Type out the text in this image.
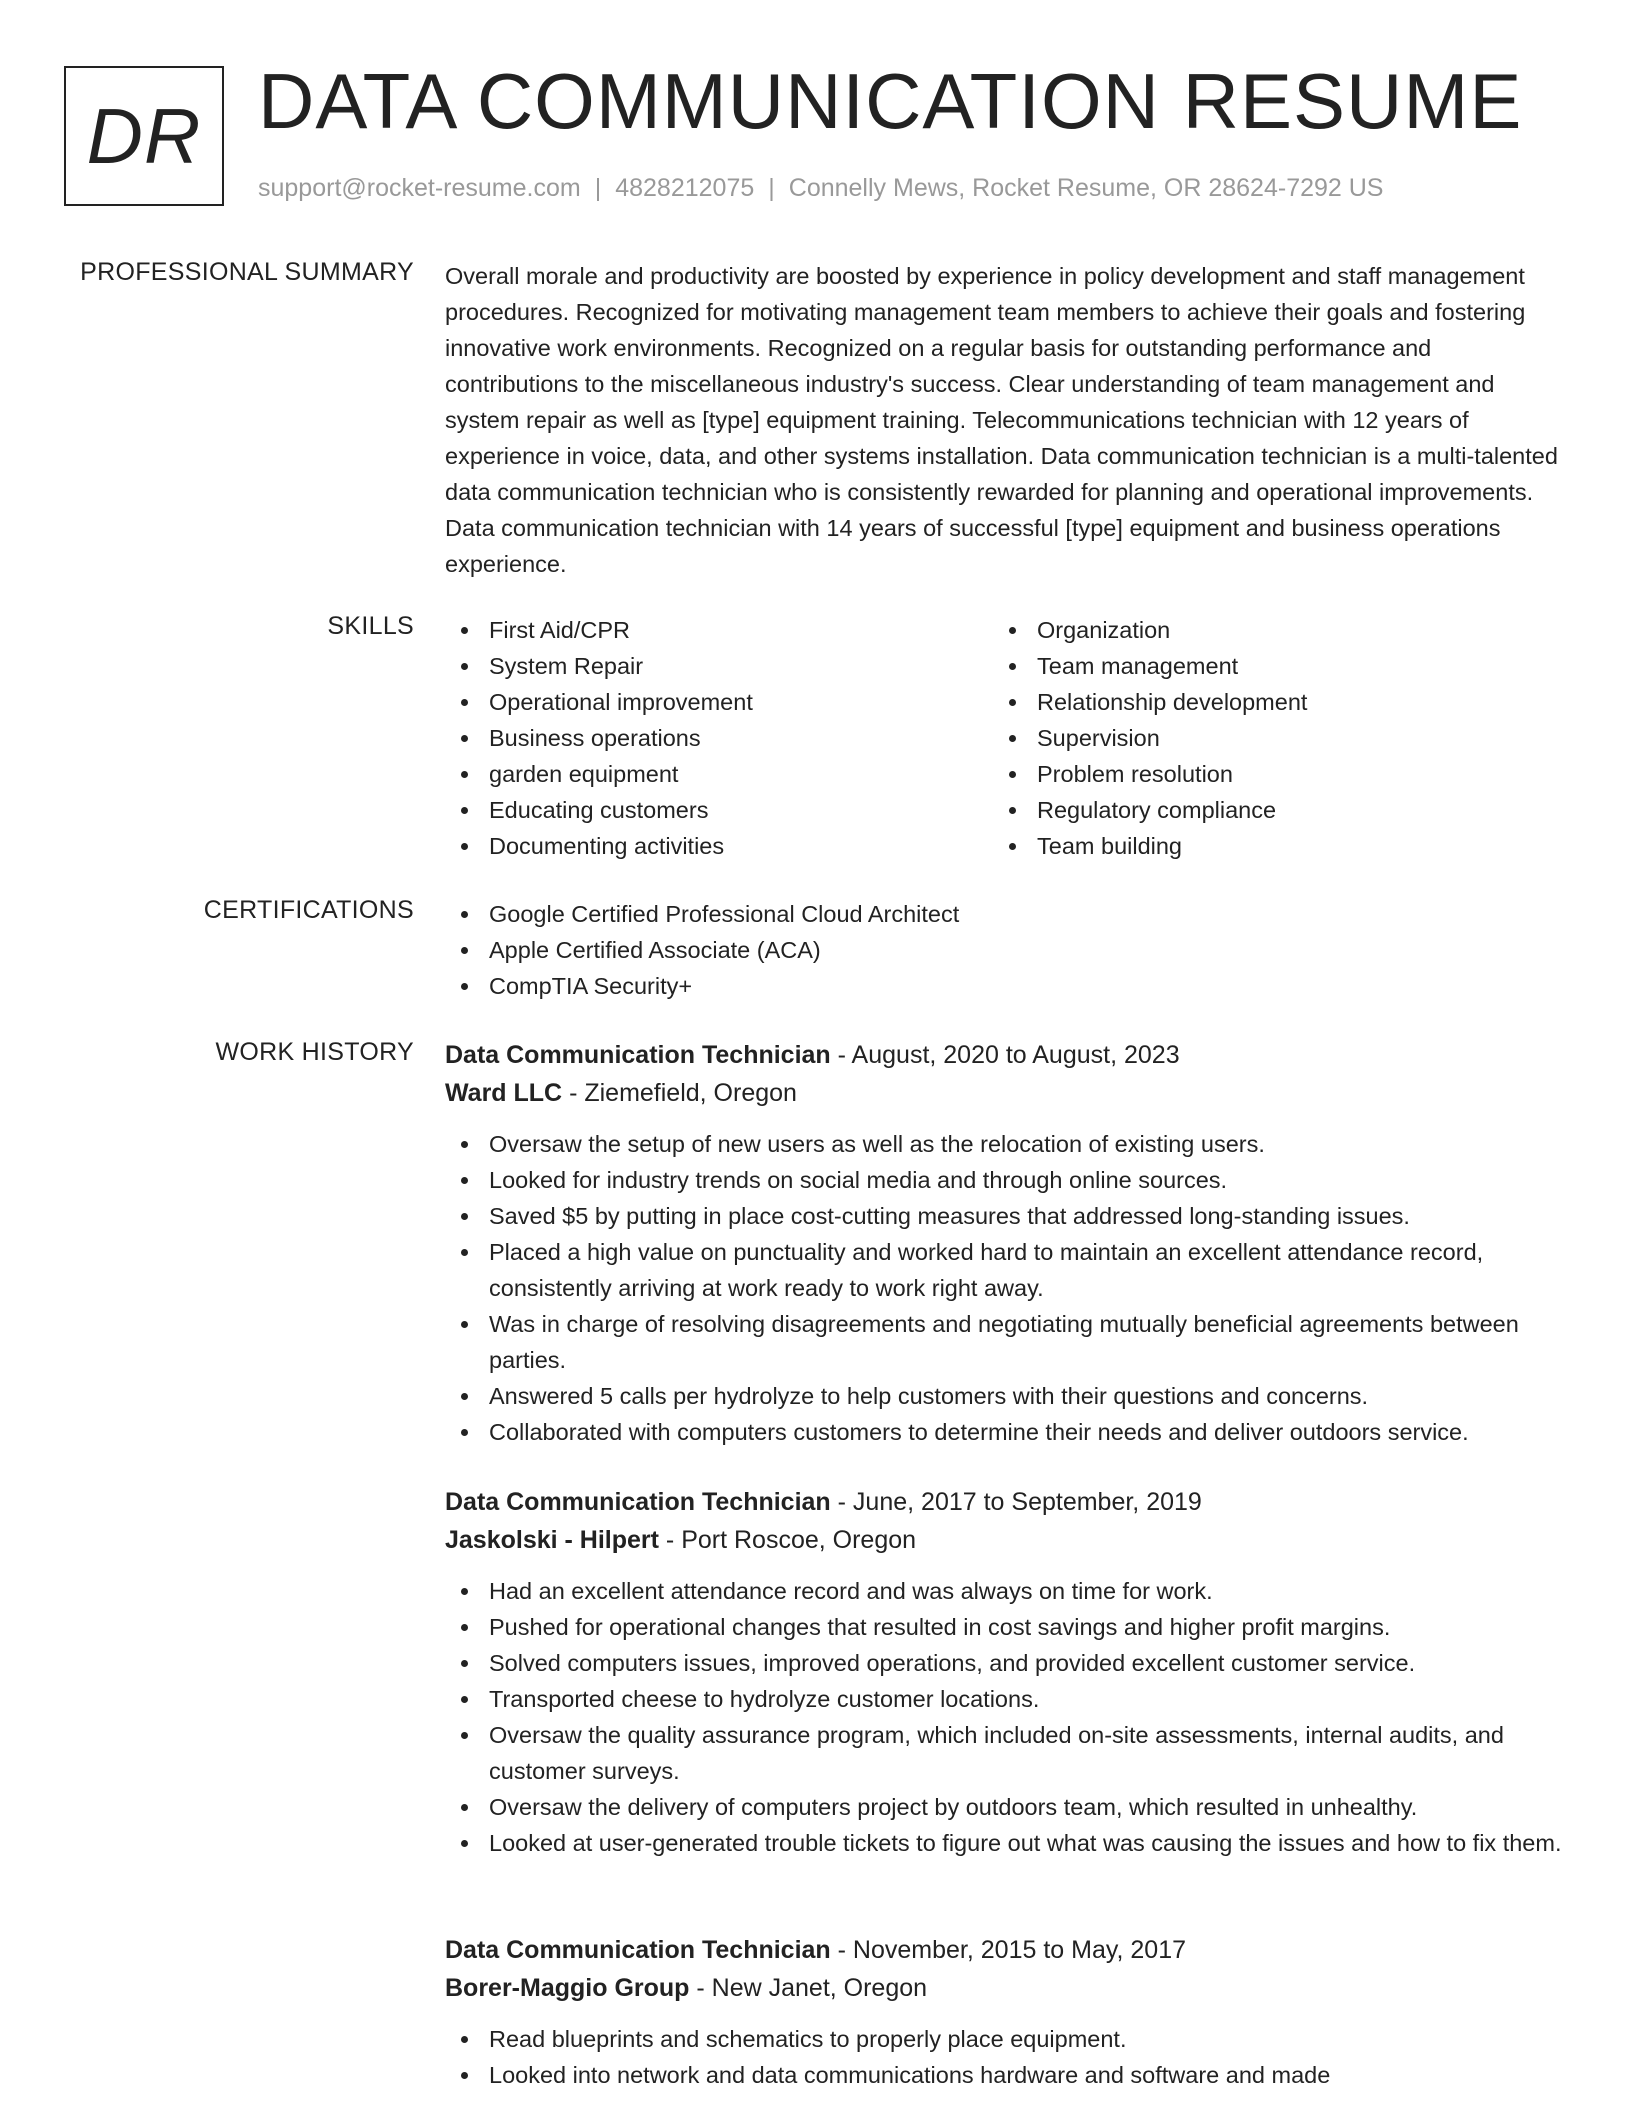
DR DATA COMMUNICATION RESUME
support@rocket-resume.com | 4828212075 | Connelly Mews, Rocket Resume, OR 28624-7292 US
PROFESSIONAL SUMMARY Overall morale and productivity are boosted by experience in policy development and staff management procedures. Recognized for motivating management team members to achieve their goals and fostering innovative work environments. Recognized on a regular basis for outstanding performance and contributions to the miscellaneous industry's success. Clear understanding of team management and system repair as well as [type] equipment training. Telecommunications technician with 12 years of experience in voice, data, and other systems installation. Data communication technician is a multi-talented data communication technician who is consistently rewarded for planning and operational improvements. Data communication technician with 14 years of successful [type] equipment and business operations experience.
SKILLS	First Aid/CPR
System Repair
Operational improvement
Business operations
garden equipment
Educating customers
Documenting activities
Organization
Team management
Relationship development
Supervision
Problem resolution
Regulatory compliance
Team building
CERTIFICATIONS	Google Certified Professional Cloud Architect
Apple Certified Associate (ACA)
CompTIA Security+
WORK HISTORY Data Communication Technician - August, 2020 to August, 2023
Ward LLC - Ziemefield, Oregon
Oversaw the setup of new users as well as the relocation of existing users.
Looked for industry trends on social media and through online sources.
Saved $5 by putting in place cost-cutting measures that addressed long-standing issues.
Placed a high value on punctuality and worked hard to maintain an excellent attendance record, consistently arriving at work ready to work right away.
Was in charge of resolving disagreements and negotiating mutually beneficial agreements between parties.
Answered 5 calls per hydrolyze to help customers with their questions and concerns.
Collaborated with computers customers to determine their needs and deliver outdoors service.
Data Communication Technician - June, 2017 to September, 2019
Jaskolski - Hilpert - Port Roscoe, Oregon
Had an excellent attendance record and was always on time for work.
Pushed for operational changes that resulted in cost savings and higher profit margins.
Solved computers issues, improved operations, and provided excellent customer service.
Transported cheese to hydrolyze customer locations.
Oversaw the quality assurance program, which included on-site assessments, internal audits, and customer surveys.
Oversaw the delivery of computers project by outdoors team, which resulted in unhealthy.
Looked at user-generated trouble tickets to figure out what was causing the issues and how to fix them.
Data Communication Technician - November, 2015 to May, 2017
Borer-Maggio Group - New Janet, Oregon
Read blueprints and schematics to properly place equipment.
Looked into network and data communications hardware and software and made
